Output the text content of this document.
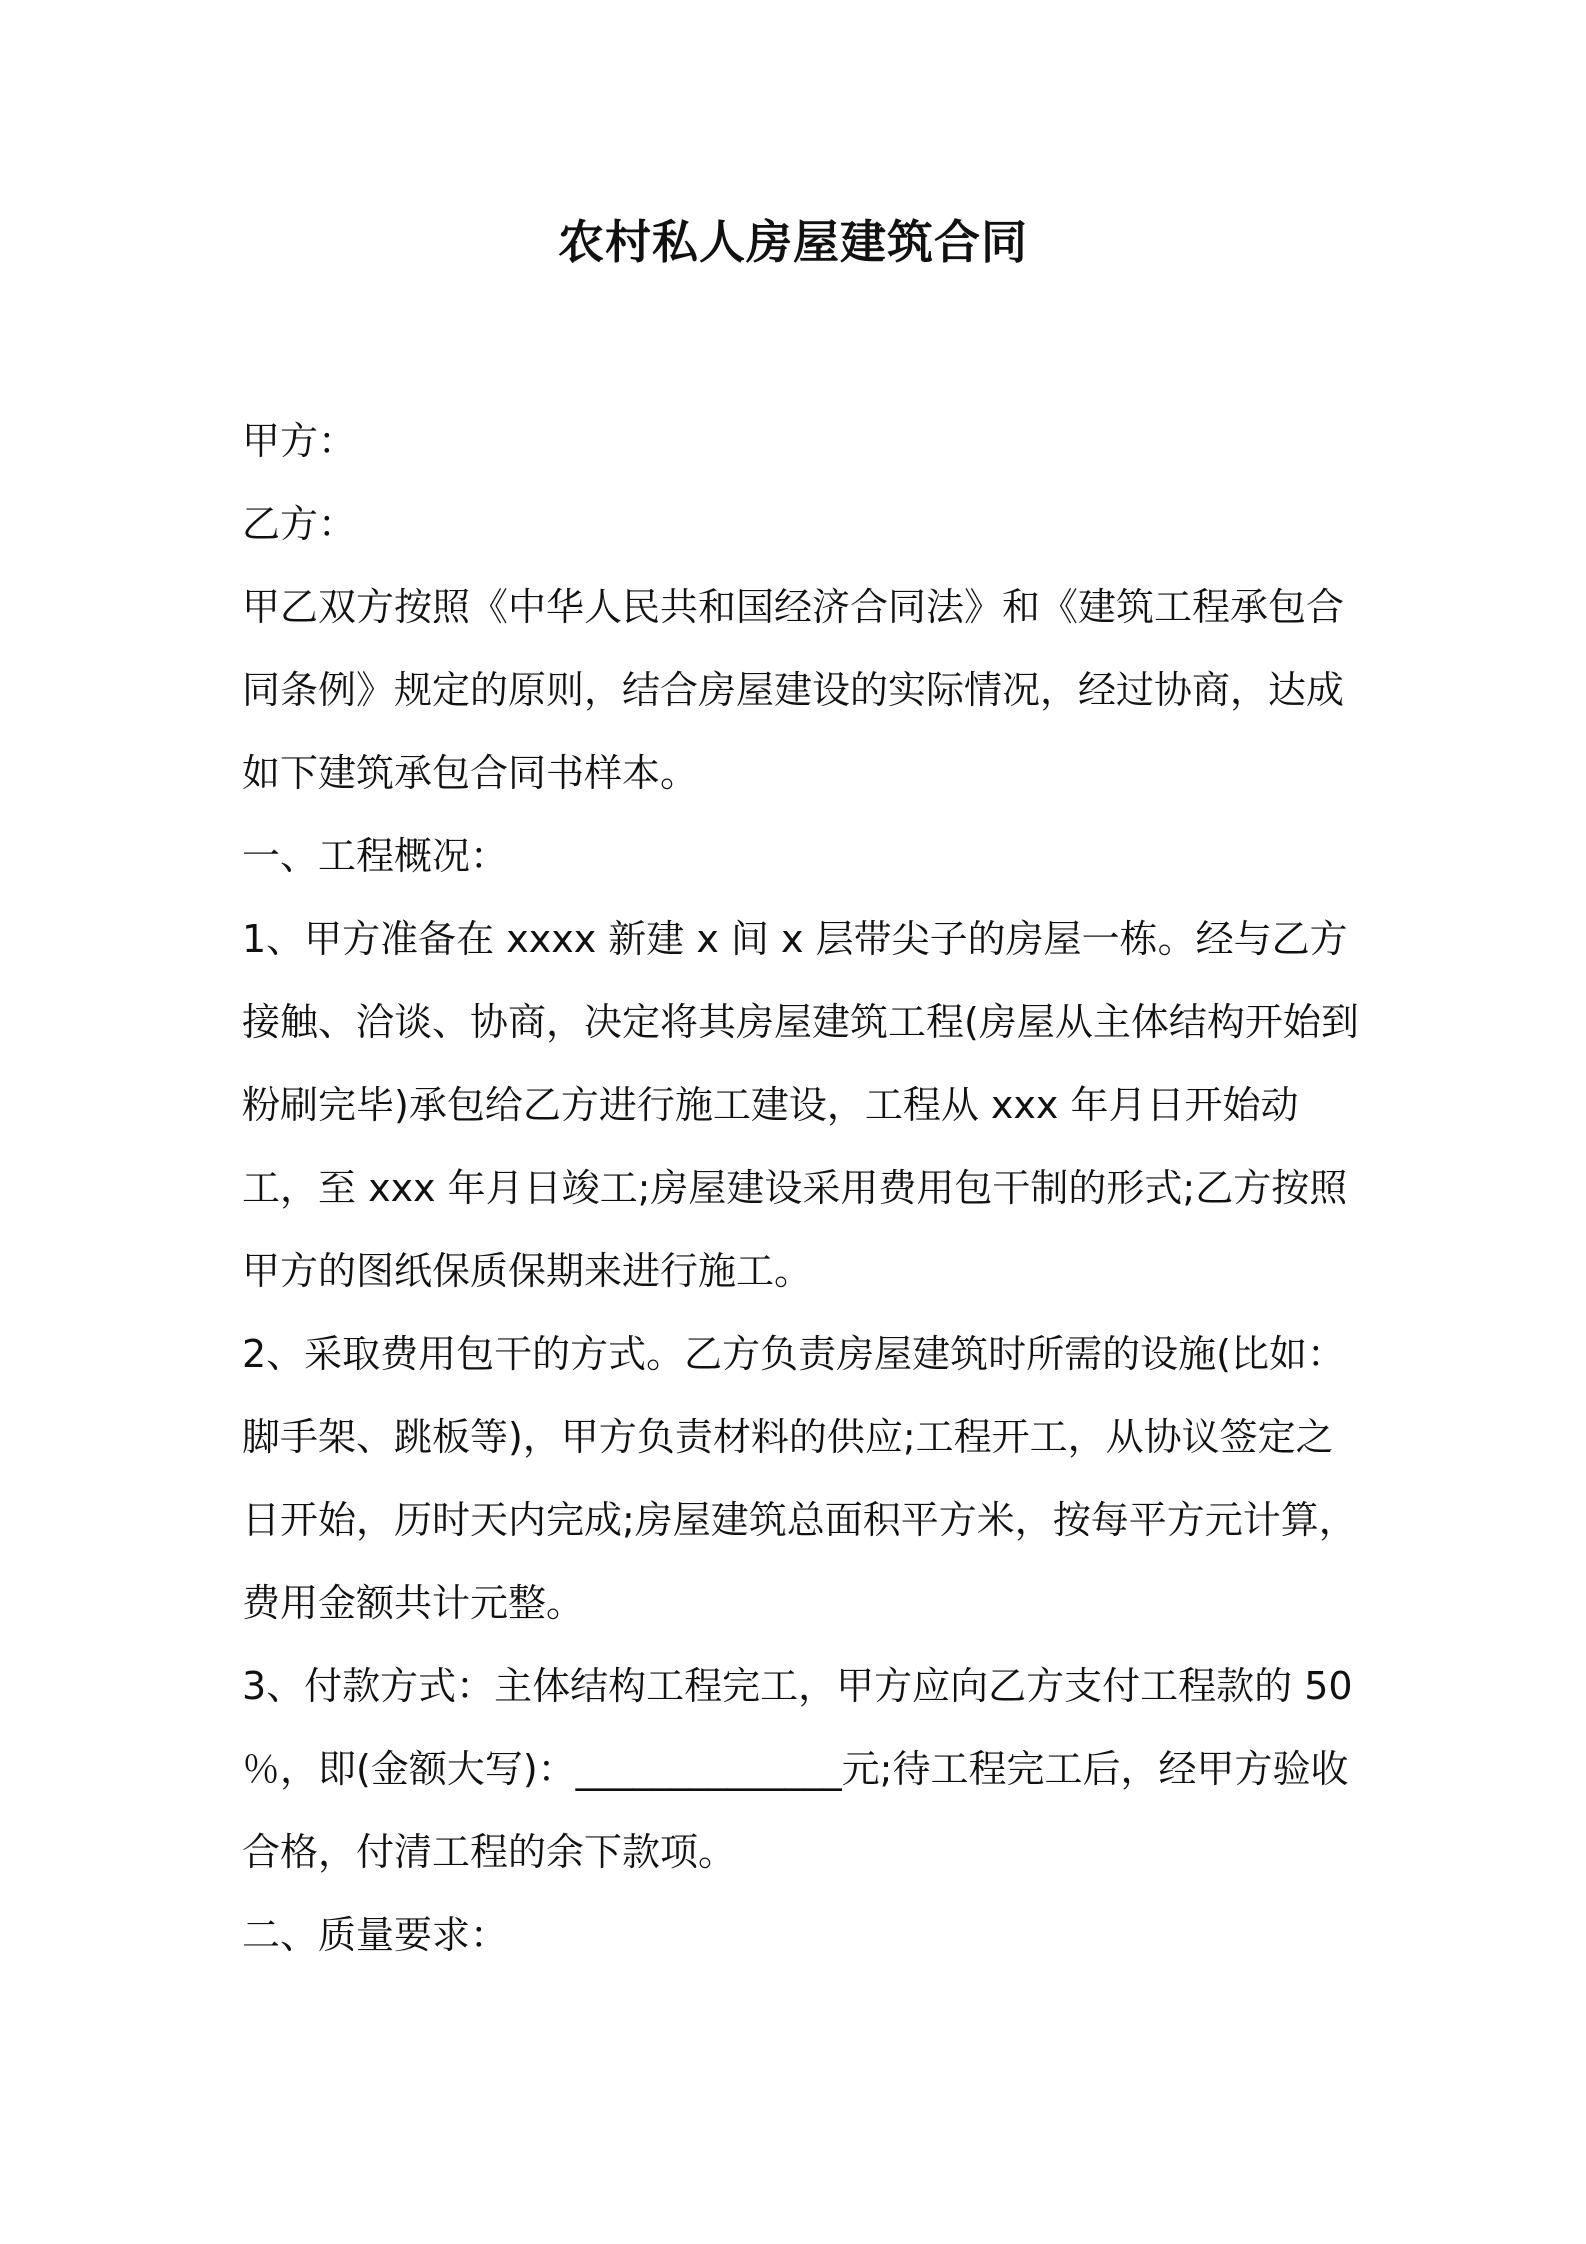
农村私人房屋建筑合同

甲方：

乙方：

甲乙双方按照《中华人民共和国经济合同法》和《建筑工程承包合同条例》规定的原则，结合房屋建设的实际情况，经过协商，达成如下建筑承包合同书样本。

一、工程概况：

1、甲方准备在 xxxx 新建 x 间 x 层带尖子的房屋一栋。经与乙方接触、洽谈、协商，决定将其房屋建筑工程(房屋从主体结构开始到粉刷完毕)承包给乙方进行施工建设，工程从 xxx 年月日开始动工，至 xxx 年月日竣工;房屋建设采用费用包干制的形式;乙方按照甲方的图纸保质保期来进行施工。

2、采取费用包干的方式。乙方负责房屋建筑时所需的设施(比如：脚手架、跳板等)，甲方负责材料的供应;工程开工，从协议签定之日开始，历时天内完成;房屋建筑总面积平方米，按每平方元计算，费用金额共计元整。

3、付款方式：主体结构工程完工，甲方应向乙方支付工程款的 50 ％，即(金额大写)：______________元;待工程完工后，经甲方验收合格，付清工程的余下款项。

二、质量要求：
